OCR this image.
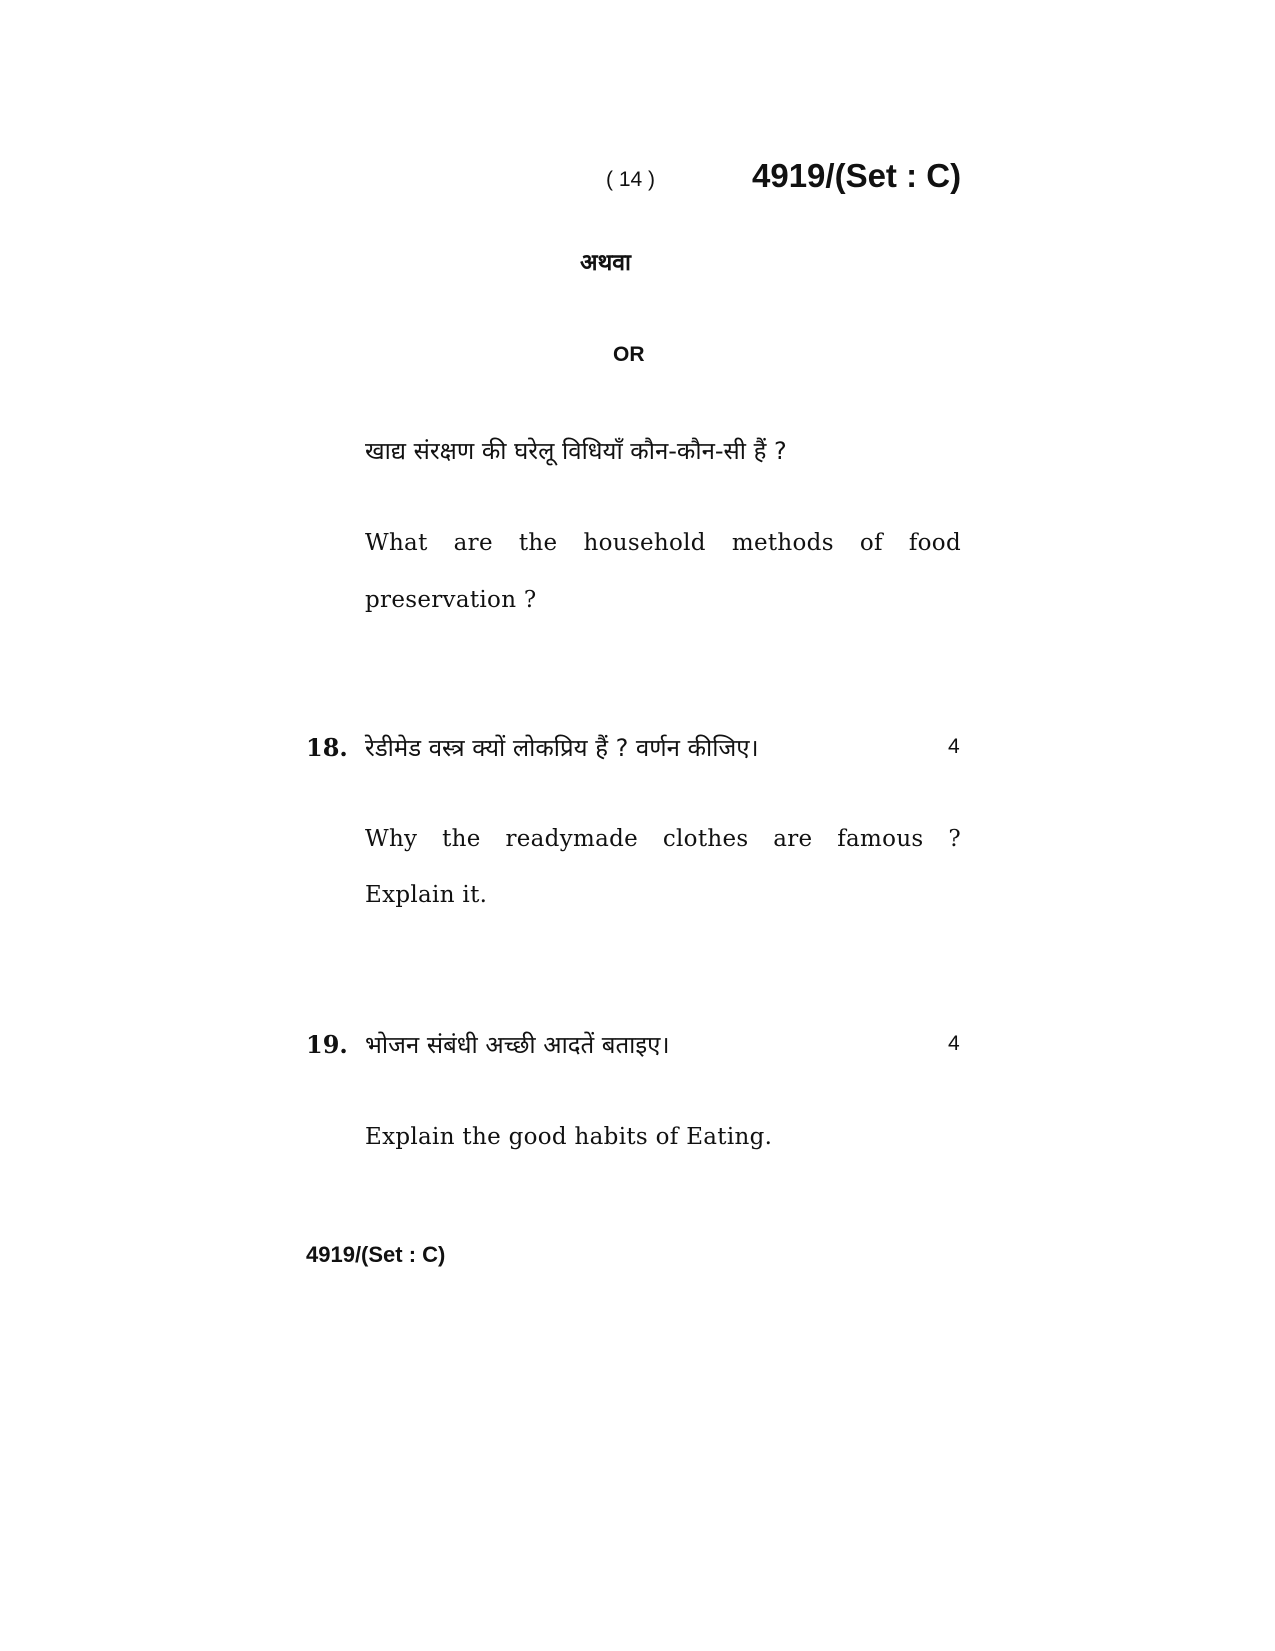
( 14 )	4919/(Set : C)
अथवा
OR
खाद्य संरक्षण की घरेलू विधियाँ कौन-कौन-सी हैं ?
What are the household methods of food
preservation ?
18. रेडीमेड वस्त्र क्यों लोकप्रिय हैं ? वर्णन कीजिए।	4
Why the readymade clothes are famous ?
Explain it.
19. भोजन संबंधी अच्छी आदतें बताइए।	4
Explain the good habits of Eating.
4919/(Set : C)
